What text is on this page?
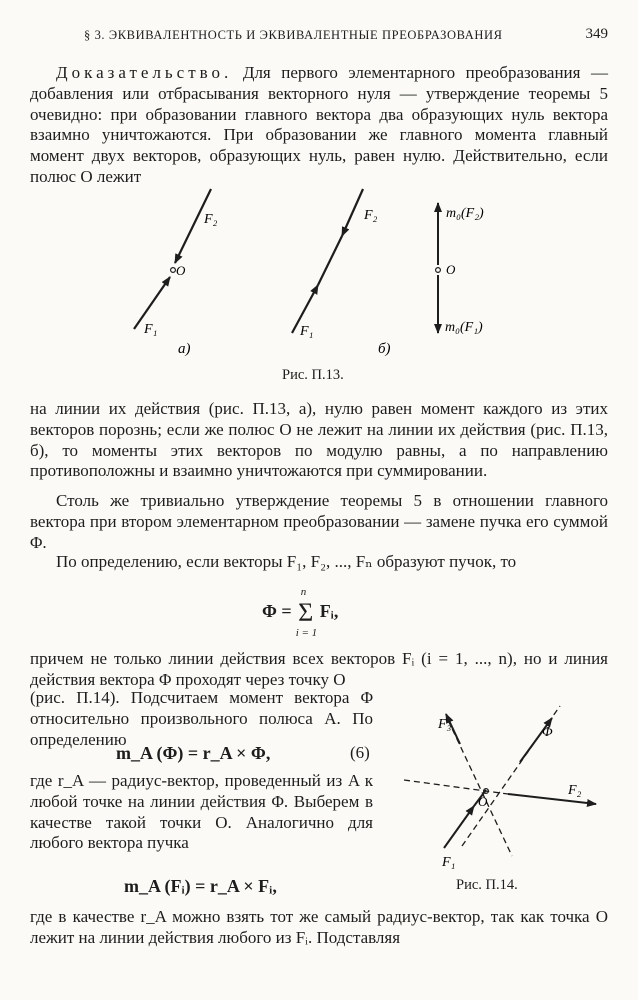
§ 3. ЭКВИВАЛЕНТНОСТЬ И ЭКВИВАЛЕНТНЫЕ ПРЕОБРАЗОВАНИЯ	349
Доказательство. Для первого элементарного преобразования — добавления или отбрасывания векторного нуля — утверждение теоремы 5 очевидно: при образовании главного вектора два образующих нуль вектора взаимно уничтожаются. При образовании же главного момента главный момент двух векторов, образующих нуль, равен нулю. Действительно, если полюс O лежит
F₂
F₁
O
а)
F₂
F₁
б)
m₀(F₂)
O
m₀(F₁)
Рис. П.13.
на линии их действия (рис. П.13, а), нулю равен момент каждого из этих векторов порознь; если же полюс O не лежит на линии их действия (рис. П.13, б), то моменты этих векторов по модулю равны, а по направлению противоположны и взаимно уничтожаются при суммировании.
Столь же тривиально утверждение теоремы 5 в отношении главного вектора при втором элементарном преобразовании — замене пучка его суммой Φ.
По определению, если векторы F₁, F₂, ..., Fₙ образуют пучок, то
Φ =
n
Σ
i = 1
Fᵢ,
причем не только линии действия всех векторов Fᵢ (i = 1, ..., n), но и линия действия вектора Φ проходят через точку O
(рис. П.14). Подсчитаем момент вектора Φ относительно произвольного полюса A. По определению
m_A (Φ) = r_A × Φ,	(6)
где r_A — радиус-вектор, проведенный из A к любой точке на линии действия Φ. Выберем в качестве такой точки O. Аналогично для любого вектора пучка
m_A (Fᵢ) = r_A × Fᵢ,
F₃
Φ
F₂
O
F₁
Рис. П.14.
где в качестве r_A можно взять тот же самый радиус-вектор, так как точка O лежит на линии действия любого из Fᵢ. Подставляя
